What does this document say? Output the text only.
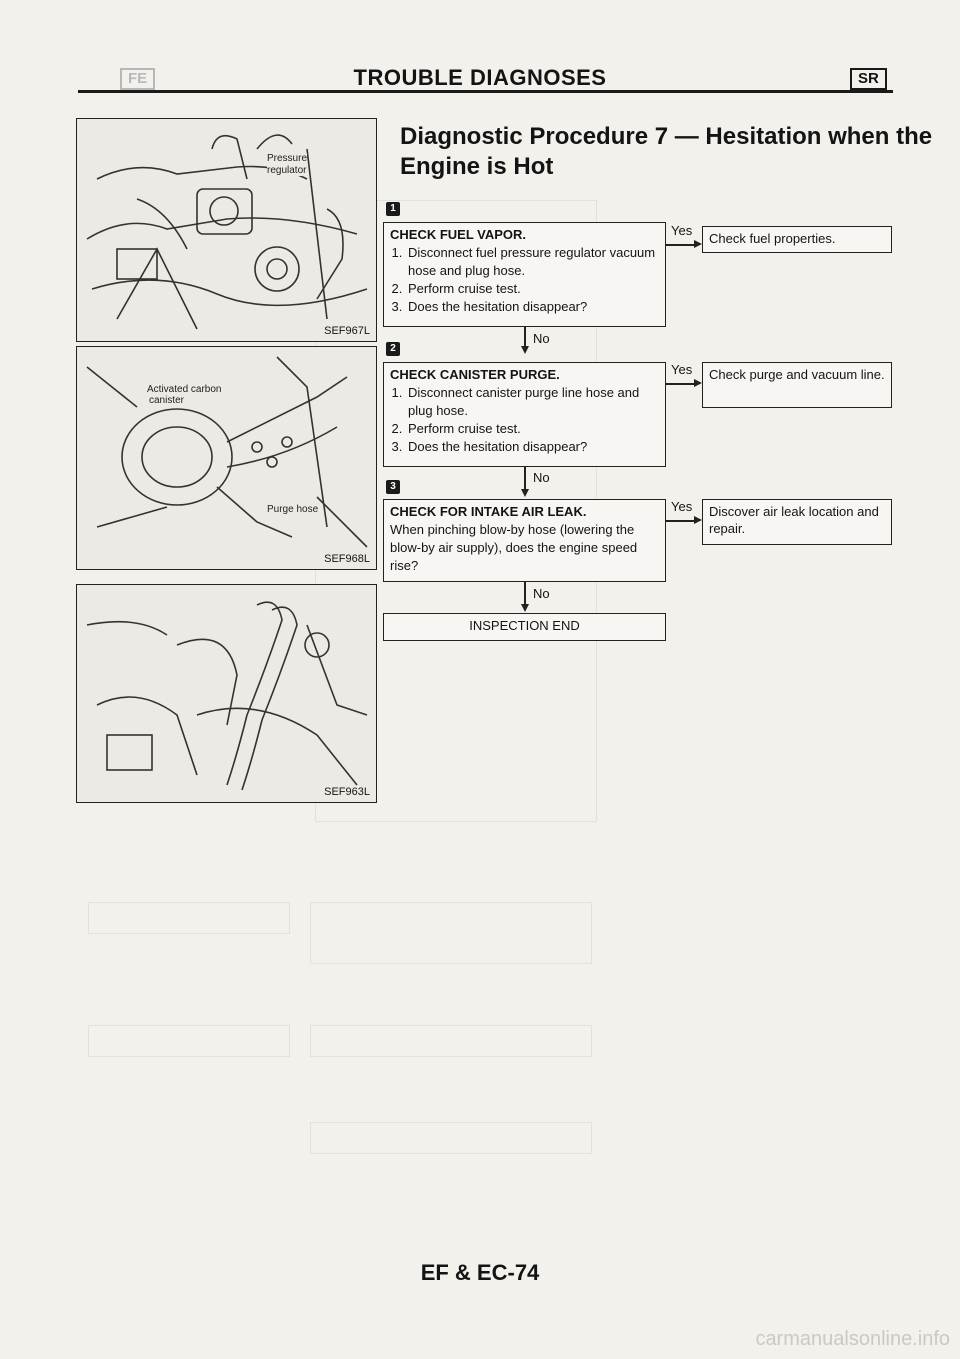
FE	TROUBLE DIAGNOSES	SR
Diagnostic Procedure 7 — Hesitation when the
Engine is Hot
Pressure
regulator
SEF967L
Activated carbon
canister
Purge hose
SEF968L
SEF963L
1
CHECK FUEL VAPOR.
1. Disconnect fuel pressure regulator vacuum hose and plug hose.
2. Perform cruise test.
3. Does the hesitation disappear?
Yes
Check fuel properties.
No
2
CHECK CANISTER PURGE.
1. Disconnect canister purge line hose and plug hose.
2. Perform cruise test.
3. Does the hesitation disappear?
Yes	Check purge and vacuum line.
No
3
CHECK FOR INTAKE AIR LEAK.

When pinching blow-by hose (lowering the blow-by air supply), does the engine speed rise?

Yes	Discover air leak location and repair.
No
INSPECTION END
EF & EC-74
carmanualsonline.info
